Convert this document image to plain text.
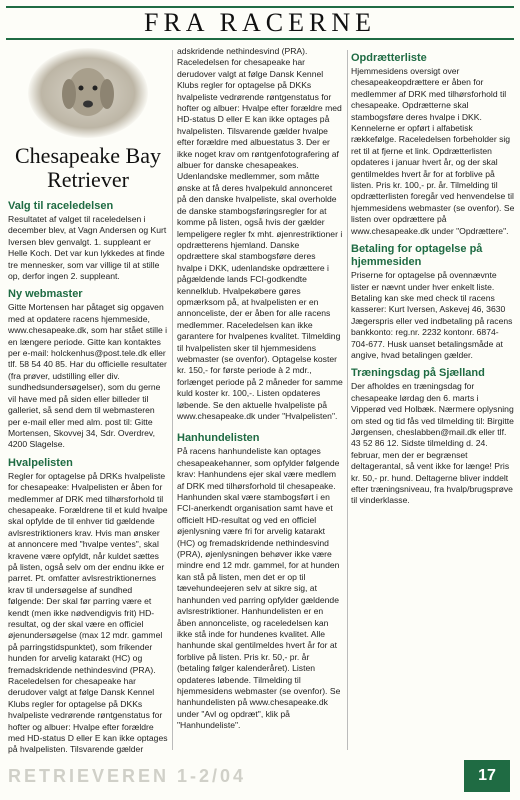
FRA RACERNE
Chesapeake Bay
Retriever
Valg til raceledelsen

Resultatet af valget til raceledelsen i december blev, at Vagn Andersen og Kurt Iversen blev genvalgt. 1. suppleant er Helle Koch. Det var kun lykkedes at finde tre mennesker, som var villige til at stille op, derfor ingen 2. suppleant.

Ny webmaster

Gitte Mortensen har påtaget sig opgaven med at opdatere racens hjemmeside, www.chesapeake.dk, som har stået stille i en længere periode. Gitte kan kontaktes per e-mail: holckenhus@post.tele.dk eller tlf. 58 54 40 85. Har du officielle resultater (fra prøver, udstilling eller div. sundhedsundersøgelser), som du gerne vil have med på siden eller billeder til galleriet, så send dem til webmasteren per e-mail eller med alm. post til: Gitte Mortensen, Skovvej 34, Sdr. Overdrev, 4200 Slagelse.

Hvalpelisten

Regler for optagelse på DRKs hvalpeliste for chesapeake: Hvalpelisten er åben for medlemmer af DRK med tilhørsforhold til chesapeake. Forældrene til et kuld hvalpe skal opfylde de til enhver tid gældende avlsrestriktioners krav. Hvis man ønsker at annoncere med "hvalpe ventes", skal kravene være opfyldt, når kuldet sættes på listen, også selv om der endnu ikke er parret. Pt. omfatter avlsrestriktionernes krav til undersøgelse af sundhed følgende: Der skal før parring være et kendt (men ikke nødvendigvis frit) HD-resultat, og der skal være en officiel øjenundersøgelse (max 12 mdr. gammel på parringstidspunktet), som frikender hunden for arvelig katarakt (HC) og fremadskridende nethindesvind (PRA). Raceledelsen for chesapeake har derudover valgt at følge Dansk Kennel Klubs regler for optagelse på DKKs hvalpeliste vedrørende røntgenstatus for hofter og albuer: Hvalpe efter forældre med HD-status D eller E kan ikke optages på hvalpelisten. Tilsvarende gælder

adskridende nethindesvind (PRA). Raceledelsen for chesapeake har derudover valgt at følge Dansk Kennel Klubs regler for optagelse på DKKs hvalpeliste vedrørende røntgenstatus for hofter og albuer: Hvalpe efter forældre med HD-status D eller E kan ikke optages på hvalpelisten. Tilsvarende gælder hvalpe efter forældre med albuestatus 3. Der er ikke noget krav om røntgenfotografering af albuer for danske chesapeakes. Udenlandske medlemmer, som måtte ønske at få deres hvalpekuld annonceret på den danske hvalpeliste, skal overholde de danske stambogsføringsregler for at komme på listen, også hvis der gælder lempeligere regler fx mht. øjenrestriktioner i opdrætterens hjemland. Danske opdrættere skal stambogsføre deres hvalpe i DKK, udenlandske opdrættere i pågældende lands FCI-godkendte kennelklub. Hvalpekøbere gøres opmærksom på, at hvalpelisten er en annonceliste, der er åben for alle racens medlemmer. Raceledelsen kan ikke garantere for hvalpenes kvalitet. Tilmelding til hvalpelisten sker til hjemmesidens webmaster (se ovenfor). Optagelse koster kr. 150,- for første periode à 2 mdr., forlænget periode på 2 måneder for samme kuld koster kr. 100,-. Listen opdateres løbende. Se den aktuelle hvalpeliste på www.chesapeake.dk under "Hvalpelisten".

Hanhundelisten

På racens hanhundeliste kan optages chesapeakehanner, som opfylder følgende krav: Hanhundens ejer skal være medlem af DRK med tilhørsforhold til chesapeake. Hanhunden skal være stambogsført i en FCI-anerkendt organisation samt have et officielt HD-resultat og ved en officiel øjenlysning være fri for arvelig katarakt (HC) og fremadskridende nethindesvind (PRA), øjenlysningen behøver ikke være mindre end 12 mdr. gammel, for at hunden kan stå på listen, men det er op til tævehundeejeren selv at sikre sig, at hanhunden ved parring opfylder gældende avlsrestriktioner. Hanhundelisten er en åben annonceliste, og raceledelsen kan ikke stå inde for hundenes kvalitet. Alle hanhunde skal gentilmeldes hvert år for at forblive på listen. Pris kr. 50,- pr. år (betaling følger kalenderåret). Listen opdateres løbende. Tilmelding til hjemmesidens webmaster (se ovenfor). Se hanhundelisten på www.chesapeake.dk under "Avl og opdræt", klik på "Hanhundeliste".

Opdrætterliste

Hjemmesidens oversigt over chesapeakeopdrættere er åben for medlemmer af DRK med tilhørsforhold til chesapeake. Opdrætterne skal stambogsføre deres hvalpe i DKK. Kennelerne er opført i alfabetisk rækkefølge. Raceledelsen forbeholder sig ret til at fjerne et link. Opdrætterlisten opdateres i januar hvert år, og der skal gentilmeldes hvert år for at forblive på listen. Pris kr. 100,- pr. år. Tilmelding til opdrætterlisten foregår ved henvendelse til hjemmesidens webmaster (se ovenfor). Se listen over opdrættere på www.chesapeake.dk under "Opdrættere".

Betaling for optagelse på hjemmesiden

Priserne for optagelse på ovennævnte lister er nævnt under hver enkelt liste. Betaling kan ske med check til racens kasserer: Kurt Iversen, Askevej 46, 3630 Jægerspris eller ved indbetaling på racens bankkonto: reg.nr. 2232 kontonr. 6874-704-677. Husk uanset betalingsmåde at angive, hvad betalingen gælder.

Træningsdag på Sjælland

Der afholdes en træningsdag for chesapeake lørdag den 6. marts i Vipperød ved Holbæk. Nærmere oplysning om sted og tid fås ved tilmelding til: Birgitte Jørgensen, cheslabben@mail.dk eller tlf. 43 52 86 12. Sidste tilmelding d. 24. februar, men der er begrænset deltagerantal, så vent ikke for længe! Pris kr. 50,- pr. hund. Deltagerne bliver inddelt efter træningsniveau, fra hvalp/brugsprøve til vinderklasse.

RETRIEVEREN 1-2/04	17
